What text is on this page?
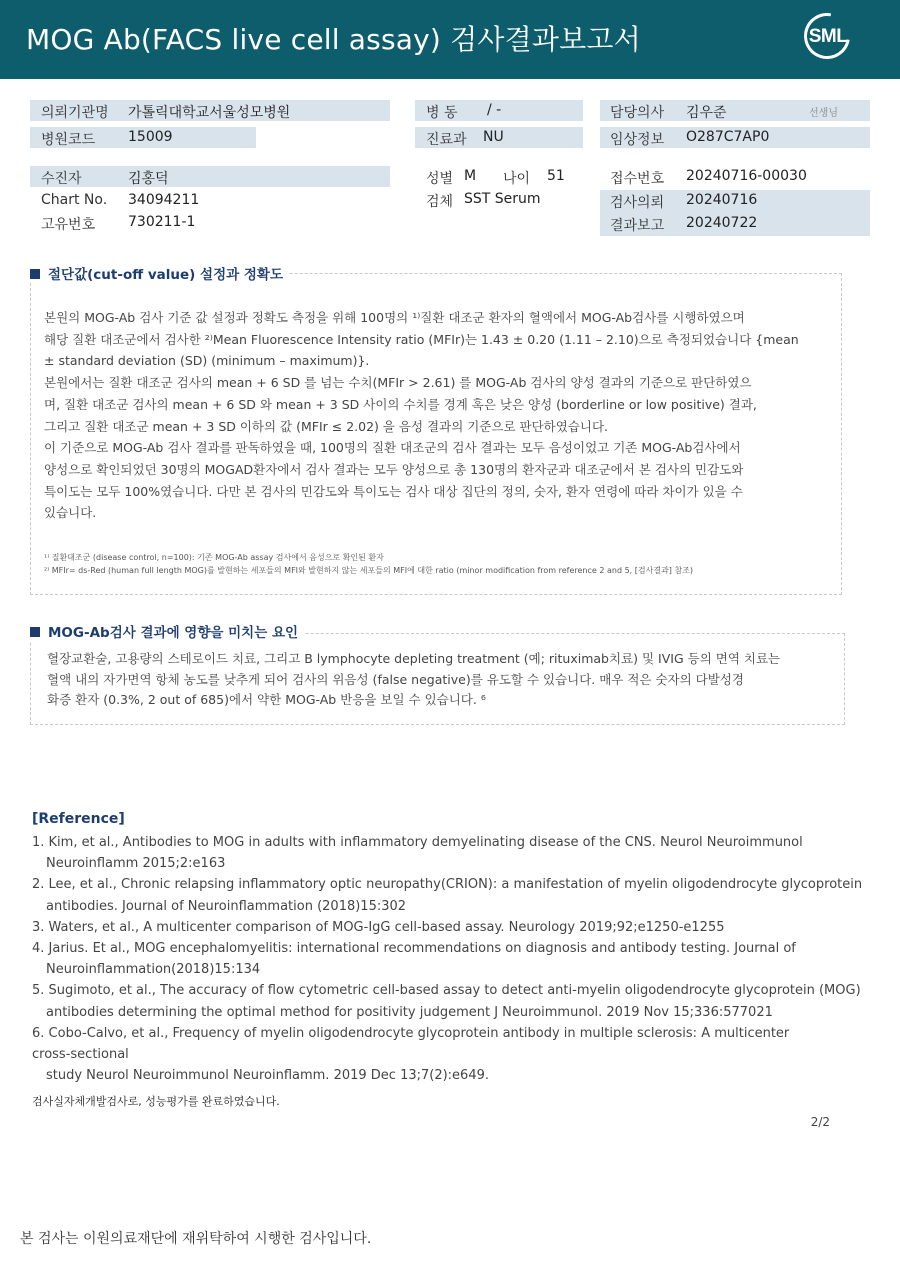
MOG Ab(FACS live cell assay) 검사결과보고서	SML
의뢰기관명 가톨릭대학교서울성모병원
병원코드 15009
수진자	김홍덕
Chart No. 34094211
고유번호 730211-1
병 동 / -
진료과 NU
성별 M 나이 51
검체 SST Serum
담당의사 김우준	선생님
임상정보 O287C7AP0
접수번호 20240716-00030
검사의뢰 20240716
결과보고 20240722
절단값(cut-off value) 설정과 정확도
본원의 MOG-Ab 검사 기준 값 설정과 정확도 측정을 위해 100명의 ¹⁾질환 대조군 환자의 혈액에서 MOG-Ab검사를 시행하였으며
해당 질환 대조군에서 검사한 ²⁾Mean Fluorescence Intensity ratio (MFIr)는 1.43 ± 0.20 (1.11 – 2.10)으로 측정되었습니다 {mean
± standard deviation (SD) (minimum – maximum)}.
본원에서는 질환 대조군 검사의 mean + 6 SD 를 넘는 수치(MFIr > 2.61) 를 MOG-Ab 검사의 양성 결과의 기준으로 판단하였으
며, 질환 대조군 검사의 mean + 6 SD 와 mean + 3 SD 사이의 수치를 경계 혹은 낮은 양성 (borderline or low positive) 결과,
그리고 질환 대조군 mean + 3 SD 이하의 값 (MFIr ≤ 2.02) 을 음성 결과의 기준으로 판단하였습니다.
이 기준으로 MOG-Ab 검사 결과를 판독하였을 때, 100명의 질환 대조군의 검사 결과는 모두 음성이었고 기존 MOG-Ab검사에서
양성으로 확인되었던 30명의 MOGAD환자에서 검사 결과는 모두 양성으로 총 130명의 환자군과 대조군에서 본 검사의 민감도와
특이도는 모두 100%였습니다. 다만 본 검사의 민감도와 특이도는 검사 대상 집단의 정의, 숫자, 환자 연령에 따라 차이가 있을 수
있습니다.
¹⁾ 질환대조군 (disease control, n=100): 기존 MOG-Ab assay 검사에서 음성으로 확인된 환자
²⁾ MFIr= ds-Red (human full length MOG)를 발현하는 세포들의 MFI와 발현하지 않는 세포들의 MFI에 대한 ratio (minor modification from reference 2 and 5, [검사결과] 참조)
MOG-Ab검사 결과에 영향을 미치는 요인
혈장교환술, 고용량의 스테로이드 치료, 그리고 B lymphocyte depleting treatment (예; rituximab치료) 및 IVIG 등의 면역 치료는
혈액 내의 자가면역 항체 농도를 낮추게 되어 검사의 위음성 (false negative)를 유도할 수 있습니다. 매우 적은 숫자의 다발성경
화증 환자 (0.3%, 2 out of 685)에서 약한 MOG-Ab 반응을 보일 수 있습니다. ⁶
[Reference]
1. Kim, et al., Antibodies to MOG in adults with inflammatory demyelinating disease of the CNS. Neurol Neuroimmunol
Neuroinflamm 2015;2:e163
2. Lee, et al., Chronic relapsing inflammatory optic neuropathy(CRION): a manifestation of myelin oligodendrocyte glycoprotein
antibodies. Journal of Neuroinflammation (2018)15:302
3. Waters, et al., A multicenter comparison of MOG-IgG cell-based assay. Neurology 2019;92;e1250-e1255
4. Jarius. Et al., MOG encephalomyelitis: international recommendations on diagnosis and antibody testing. Journal of
Neuroinflammation(2018)15:134
5. Sugimoto, et al., The accuracy of flow cytometric cell-based assay to detect anti-myelin oligodendrocyte glycoprotein (MOG)
antibodies determining the optimal method for positivity judgement J Neuroimmunol. 2019 Nov 15;336:577021
6. Cobo-Calvo, et al., Frequency of myelin oligodendrocyte glycoprotein antibody in multiple sclerosis: A multicenter
cross-sectional
study Neurol Neuroimmunol Neuroinflamm. 2019 Dec 13;7(2):e649.
검사실자체개발검사로, 성능평가를 완료하였습니다.
2/2
본 검사는 이원의료재단에 재위탁하여 시행한 검사입니다.
